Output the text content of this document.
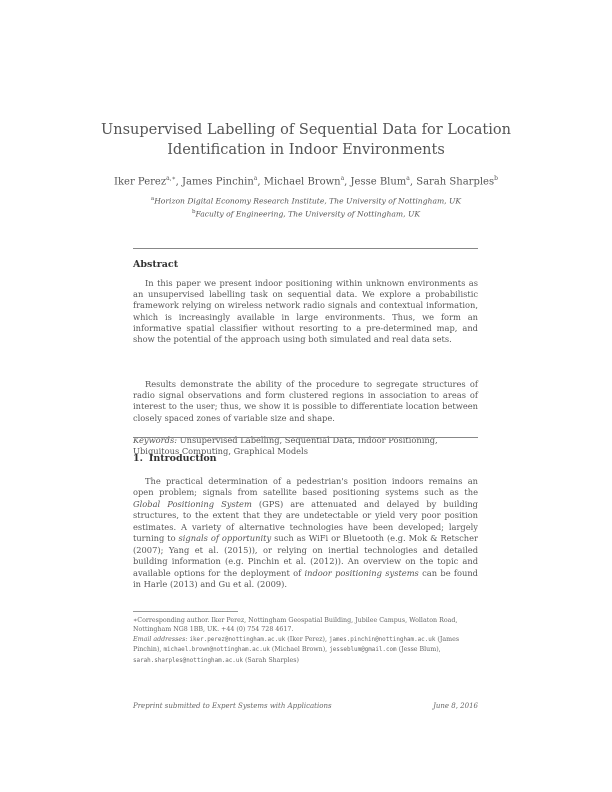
Unsupervised Labelling of Sequential Data for Location
Identification in Indoor Environments
Iker Perez$^{a,∗}$, James Pinchin$^a$, Michael Brown$^a$, Jesse Blum$^a$, Sarah Sharples$^b$
$^a$Horizon Digital Economy Research Institute, The University of Nottingham, UK
$^b$Faculty of Engineering, The University of Nottingham, UK
Abstract

In this paper we present indoor positioning within unknown environments as an unsupervised labelling task on sequential data. We explore a probabilistic framework relying on wireless network radio signals and contextual information, which is increasingly available in large environments. Thus, we form an informative spatial classifier without resorting to a pre-determined map, and show the potential of the approach using both simulated and real data sets.

Results demonstrate the ability of the procedure to segregate structures of radio signal observations and form clustered regions in association to areas of interest to the user; thus, we show it is possible to differentiate location between closely spaced zones of variable size and shape.

Keywords: Unsupervised Labelling, Sequential Data, Indoor Positioning, Ubiquitous Computing, Graphical Models

1. Introduction

The practical determination of a pedestrian's position indoors remains an open problem; signals from satellite based positioning systems such as the Global Positioning System (GPS) are attenuated and delayed by building structures, to the extent that they are undetectable or yield very poor position estimates. A variety of alternative technologies have been developed; largely turning to signals of opportunity such as WiFi or Bluetooth (e.g. Mok & Retscher (2007); Yang et al. (2015)), or relying on inertial technologies and detailed building information (e.g. Pinchin et al. (2012)). An overview on the topic and available options for the deployment of indoor positioning systems can be found in Harle (2013) and Gu et al. (2009).

∗Corresponding author. Iker Perez, Nottingham Geospatial Building, Jubilee Campus, Wollaton Road, Nottingham NG8 1BB, UK. +44 (0) 754 728 4617.
Email addresses: iker.perez@nottingham.ac.uk (Iker Perez), james.pinchin@nottingham.ac.uk (James Pinchin), michael.brown@nottingham.ac.uk (Michael Brown), jesseblum@gmail.com (Jesse Blum), sarah.sharples@nottingham.ac.uk (Sarah Sharples)
Preprint submitted to Expert Systems with Applications	June 8, 2016
